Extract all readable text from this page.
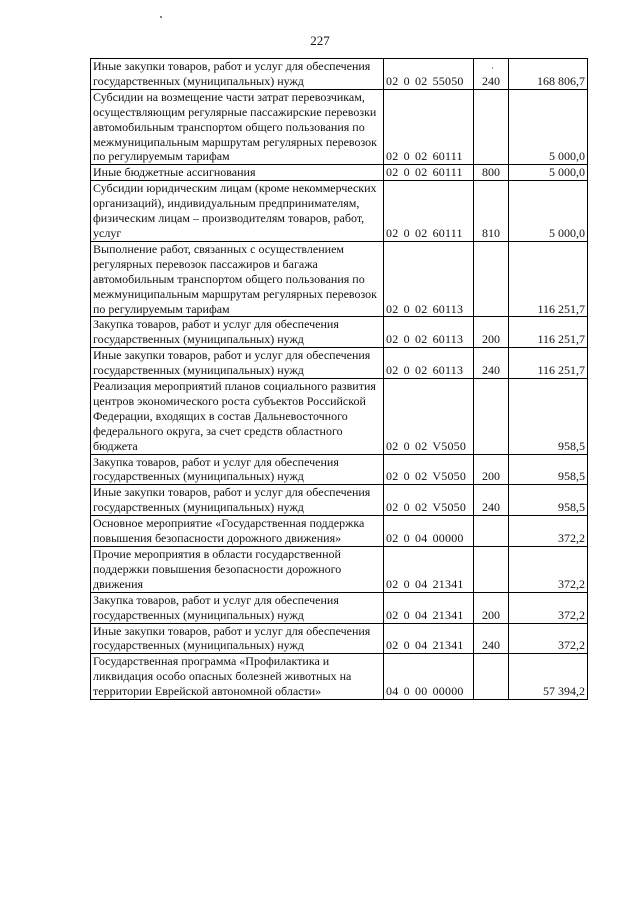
227
·
Иные закупки товаров, работ и услуг для обеспечения государственных (муниципальных) нужд	02 0 02 55050	240	168 806,7
Субсидии на возмещение части затрат перевозчикам, осуществляющим регулярные пассажирские перевозки автомобильным транспортом общего пользования по межмуниципальным маршрутам регулярных перевозок по регулируемым тарифам	02 0 02 60111		5 000,0
Иные бюджетные ассигнования	02 0 02 60111	800	5 000,0
Субсидии юридическим лицам (кроме некоммерческих организаций), индивидуальным предпринимателям, физическим лицам – производителям товаров, работ, услуг	02 0 02 60111	810	5 000,0
Выполнение работ, связанных с осуществлением регулярных перевозок пассажиров и багажа автомобильным транспортом общего пользования по межмуниципальным маршрутам регулярных перевозок по регулируемым тарифам	02 0 02 60113		116 251,7
Закупка товаров, работ и услуг для обеспечения государственных (муниципальных) нужд	02 0 02 60113	200	116 251,7
Иные закупки товаров, работ и услуг для обеспечения государственных (муниципальных) нужд	02 0 02 60113	240	116 251,7
Реализация мероприятий планов социального развития центров экономического роста субъектов Российской Федерации, входящих в состав Дальневосточного федерального округа, за счет средств областного бюджета	02 0 02 V5050		958,5
Закупка товаров, работ и услуг для обеспечения государственных (муниципальных) нужд	02 0 02 V5050	200	958,5
Иные закупки товаров, работ и услуг для обеспечения государственных (муниципальных) нужд	02 0 02 V5050	240	958,5
Основное мероприятие «Государственная поддержка повышения безопасности дорожного движения»	02 0 04 00000		372,2
Прочие мероприятия в области государственной поддержки повышения безопасности дорожного движения	02 0 04 21341		372,2
Закупка товаров, работ и услуг для обеспечения государственных (муниципальных) нужд	02 0 04 21341	200	372,2
Иные закупки товаров, работ и услуг для обеспечения государственных (муниципальных) нужд	02 0 04 21341	240	372,2
Государственная программа «Профилактика и ликвидация особо опасных болезней животных на территории Еврейской автономной области»	04 0 00 00000		57 394,2
